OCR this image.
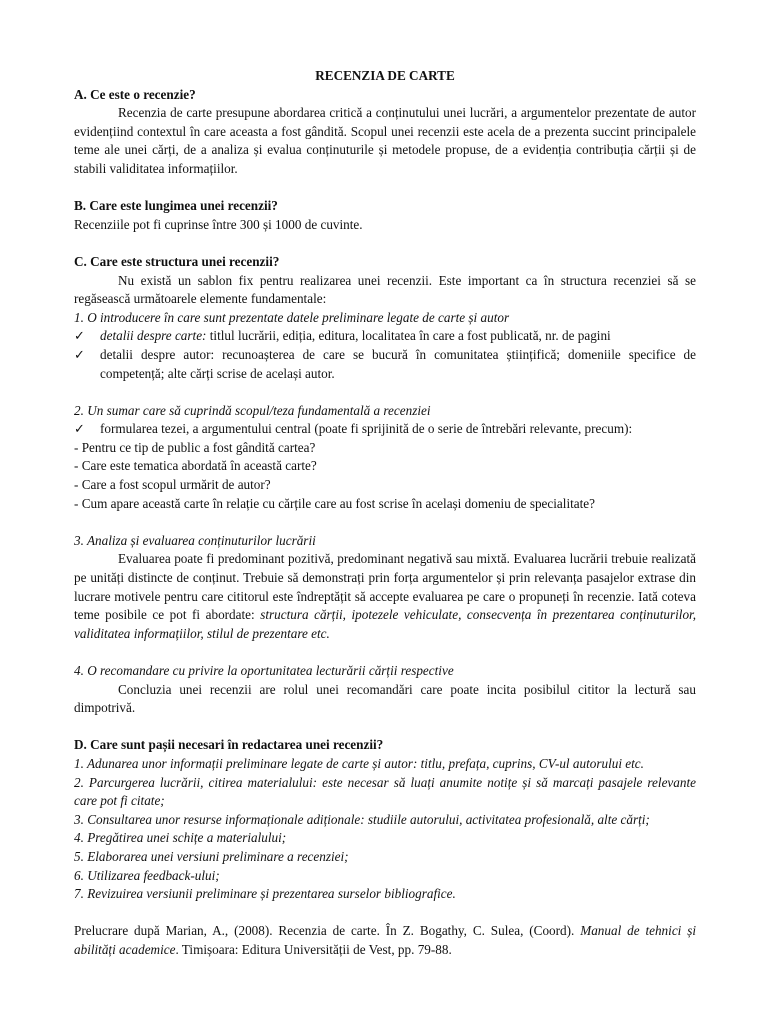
RECENZIA DE CARTE

A. Ce este o recenzie?

Recenzia de carte presupune abordarea critică a conținutului unei lucrări, a argumentelor prezentate de autor evidențiind contextul în care aceasta a fost gândită. Scopul unei recenzii este acela de a prezenta succint principalele teme ale unei cărți, de a analiza și evalua conținuturile și metodele propuse, de a evidenția contribuția cărții și de stabili validitatea informațiilor.

B. Care este lungimea unei recenzii?

Recenziile pot fi cuprinse între 300 și 1000 de cuvinte.

C. Care este structura unei recenzii?

Nu există un sablon fix pentru realizarea unei recenzii. Este important ca în structura recenziei să se regăsească următoarele elemente fundamentale:

1. O introducere în care sunt prezentate datele preliminare legate de carte și autor

✓	detalii despre carte: titlul lucrării, ediția, editura, localitatea în care a fost publicată, nr. de pagini
✓	detalii despre autor: recunoașterea de care se bucură în comunitatea științifică; domeniile specifice de competență; alte cărți scrise de același autor.

2. Un sumar care să cuprindă scopul/teza fundamentală a recenziei

✓	formularea tezei, a argumentului central (poate fi sprijinită de o serie de întrebări relevante, precum):

- Pentru ce tip de public a fost gândită cartea?

- Care este tematica abordată în această carte?

- Care a fost scopul urmărit de autor?

- Cum apare această carte în relație cu cărțile care au fost scrise în același domeniu de specialitate?

3. Analiza și evaluarea conținuturilor lucrării

Evaluarea poate fi predominant pozitivă, predominant negativă sau mixtă. Evaluarea lucrării trebuie realizată pe unități distincte de conținut. Trebuie să demonstrați prin forța argumentelor și prin relevanța pasajelor extrase din lucrare motivele pentru care cititorul este îndreptățit să accepte evaluarea pe care o propuneți în recenzie. Iată coteva teme posibile ce pot fi abordate: structura cărții, ipotezele vehiculate, consecvența în prezentarea conținuturilor, validitatea informațiilor, stilul de prezentare etc.

4. O recomandare cu privire la oportunitatea lecturării cărții respective

Concluzia unei recenzii are rolul unei recomandări care poate incita posibilul cititor la lectură sau dimpotrivă.

D. Care sunt pașii necesari în redactarea unei recenzii?

1. Adunarea unor informații preliminare legate de carte și autor: titlu, prefața, cuprins, CV-ul autorului etc.

2. Parcurgerea lucrării, citirea materialului: este necesar să luați anumite notițe și să marcați pasajele relevante care pot fi citate;

3. Consultarea unor resurse informaționale adiționale: studiile autorului, activitatea profesională, alte cărți;

4. Pregătirea unei schițe a materialului;

5. Elaborarea unei versiuni preliminare a recenziei;

6. Utilizarea feedback-ului;

7. Revizuirea versiunii preliminare și prezentarea surselor bibliografice.

Prelucrare după Marian, A., (2008). Recenzia de carte. În Z. Bogathy, C. Sulea, (Coord). Manual de tehnici și abilități academice. Timișoara: Editura Universității de Vest, pp. 79-88.
